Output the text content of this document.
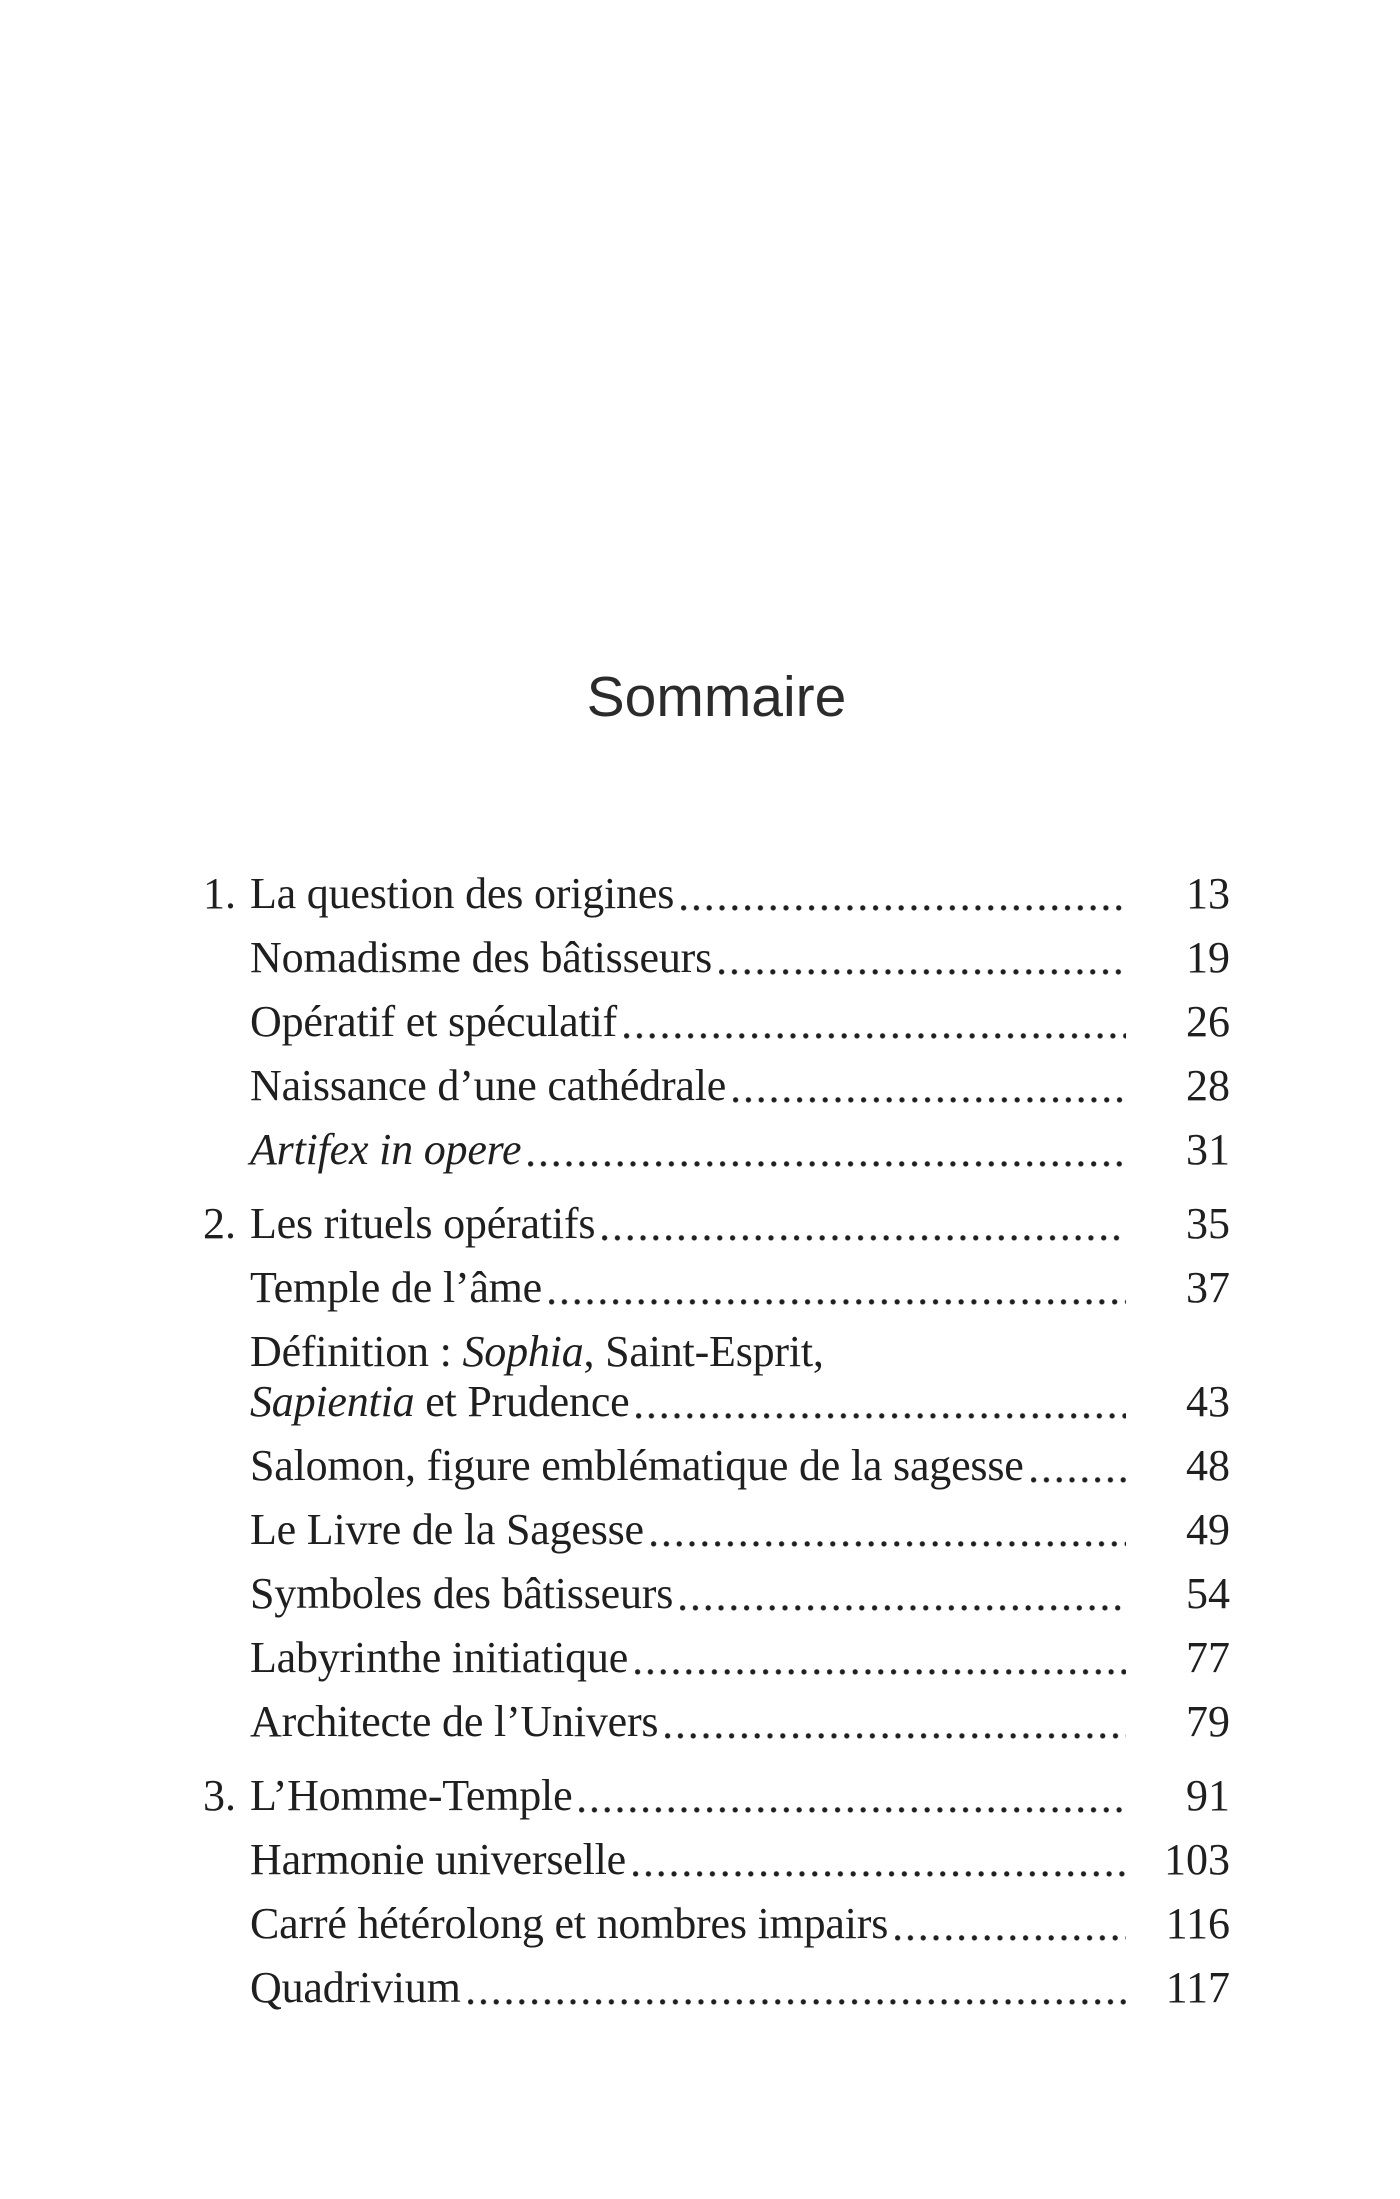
Sommaire
1. La question des origines	13
Nomadisme des bâtisseurs	19
Opératif et spéculatif	26
Naissance d’une cathédrale	28
Artifex in opere	31
2. Les rituels opératifs	35
Temple de l’âme	37
Définition : Sophia, Saint-Esprit,
Sapientia et Prudence	43
Salomon, figure emblématique de la sagesse	48
Le Livre de la Sagesse	49
Symboles des bâtisseurs	54
Labyrinthe initiatique	77
Architecte de l’Univers	79
3. L’Homme-Temple	91
Harmonie universelle	103
Carré hétérolong et nombres impairs	116
Quadrivium	117
